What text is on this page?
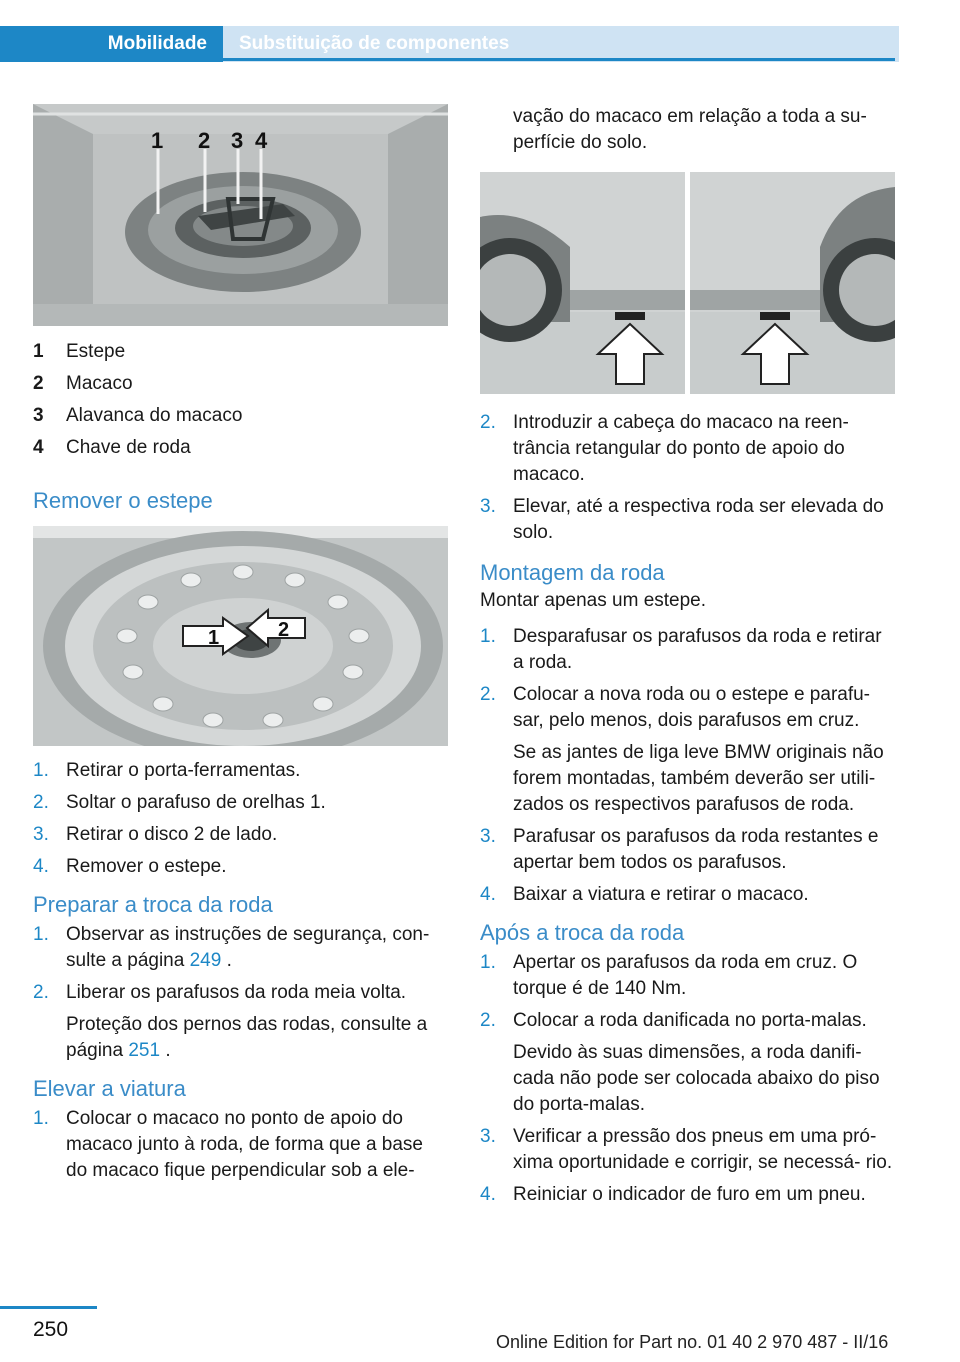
Mobilidade	Substituição de componentes
1 2 3 4
1	Estepe
2	Macaco
3	Alavanca do macaco
4	Chave de roda
Remover o estepe
1	2
1. Retirar o porta-ferramentas.
2. Soltar o parafuso de orelhas 1.
3. Retirar o disco 2 de lado.
4. Remover o estepe.
Preparar a troca da roda
1. Observar as instruções de segurança, con- sulte a página 249 .
2. Liberar os parafusos da roda meia volta.

Proteção dos pernos das rodas, consulte a página 251 .

Elevar a viatura
1. Colocar o macaco no ponto de apoio do macaco junto à roda, de forma que a base do macaco fique perpendicular sob a ele-

vação do macaco em relação a toda a su- perfície do solo.

2. Introduzir a cabeça do macaco na reen- trância retangular do ponto de apoio do macaco.
3. Elevar, até a respectiva roda ser elevada do solo.
Montagem da roda

Montar apenas um estepe.

1. Desparafusar os parafusos da roda e retirar a roda.
2. Colocar a nova roda ou o estepe e parafu- sar, pelo menos, dois parafusos em cruz.

Se as jantes de liga leve BMW originais não forem montadas, também deverão ser utili- zados os respectivos parafusos de roda.

3. Parafusar os parafusos da roda restantes e apertar bem todos os parafusos.
4. Baixar a viatura e retirar o macaco.
Após a troca da roda
1. Apertar os parafusos da roda em cruz. O torque é de 140 Nm.
2. Colocar a roda danificada no porta-malas.

Devido às suas dimensões, a roda danifi- cada não pode ser colocada abaixo do piso do porta-malas.

3. Verificar a pressão dos pneus em uma pró- xima oportunidade e corrigir, se necessá- rio.
4. Reiniciar o indicador de furo em um pneu.
250
Online Edition for Part no. 01 40 2 970 487 - II/16
